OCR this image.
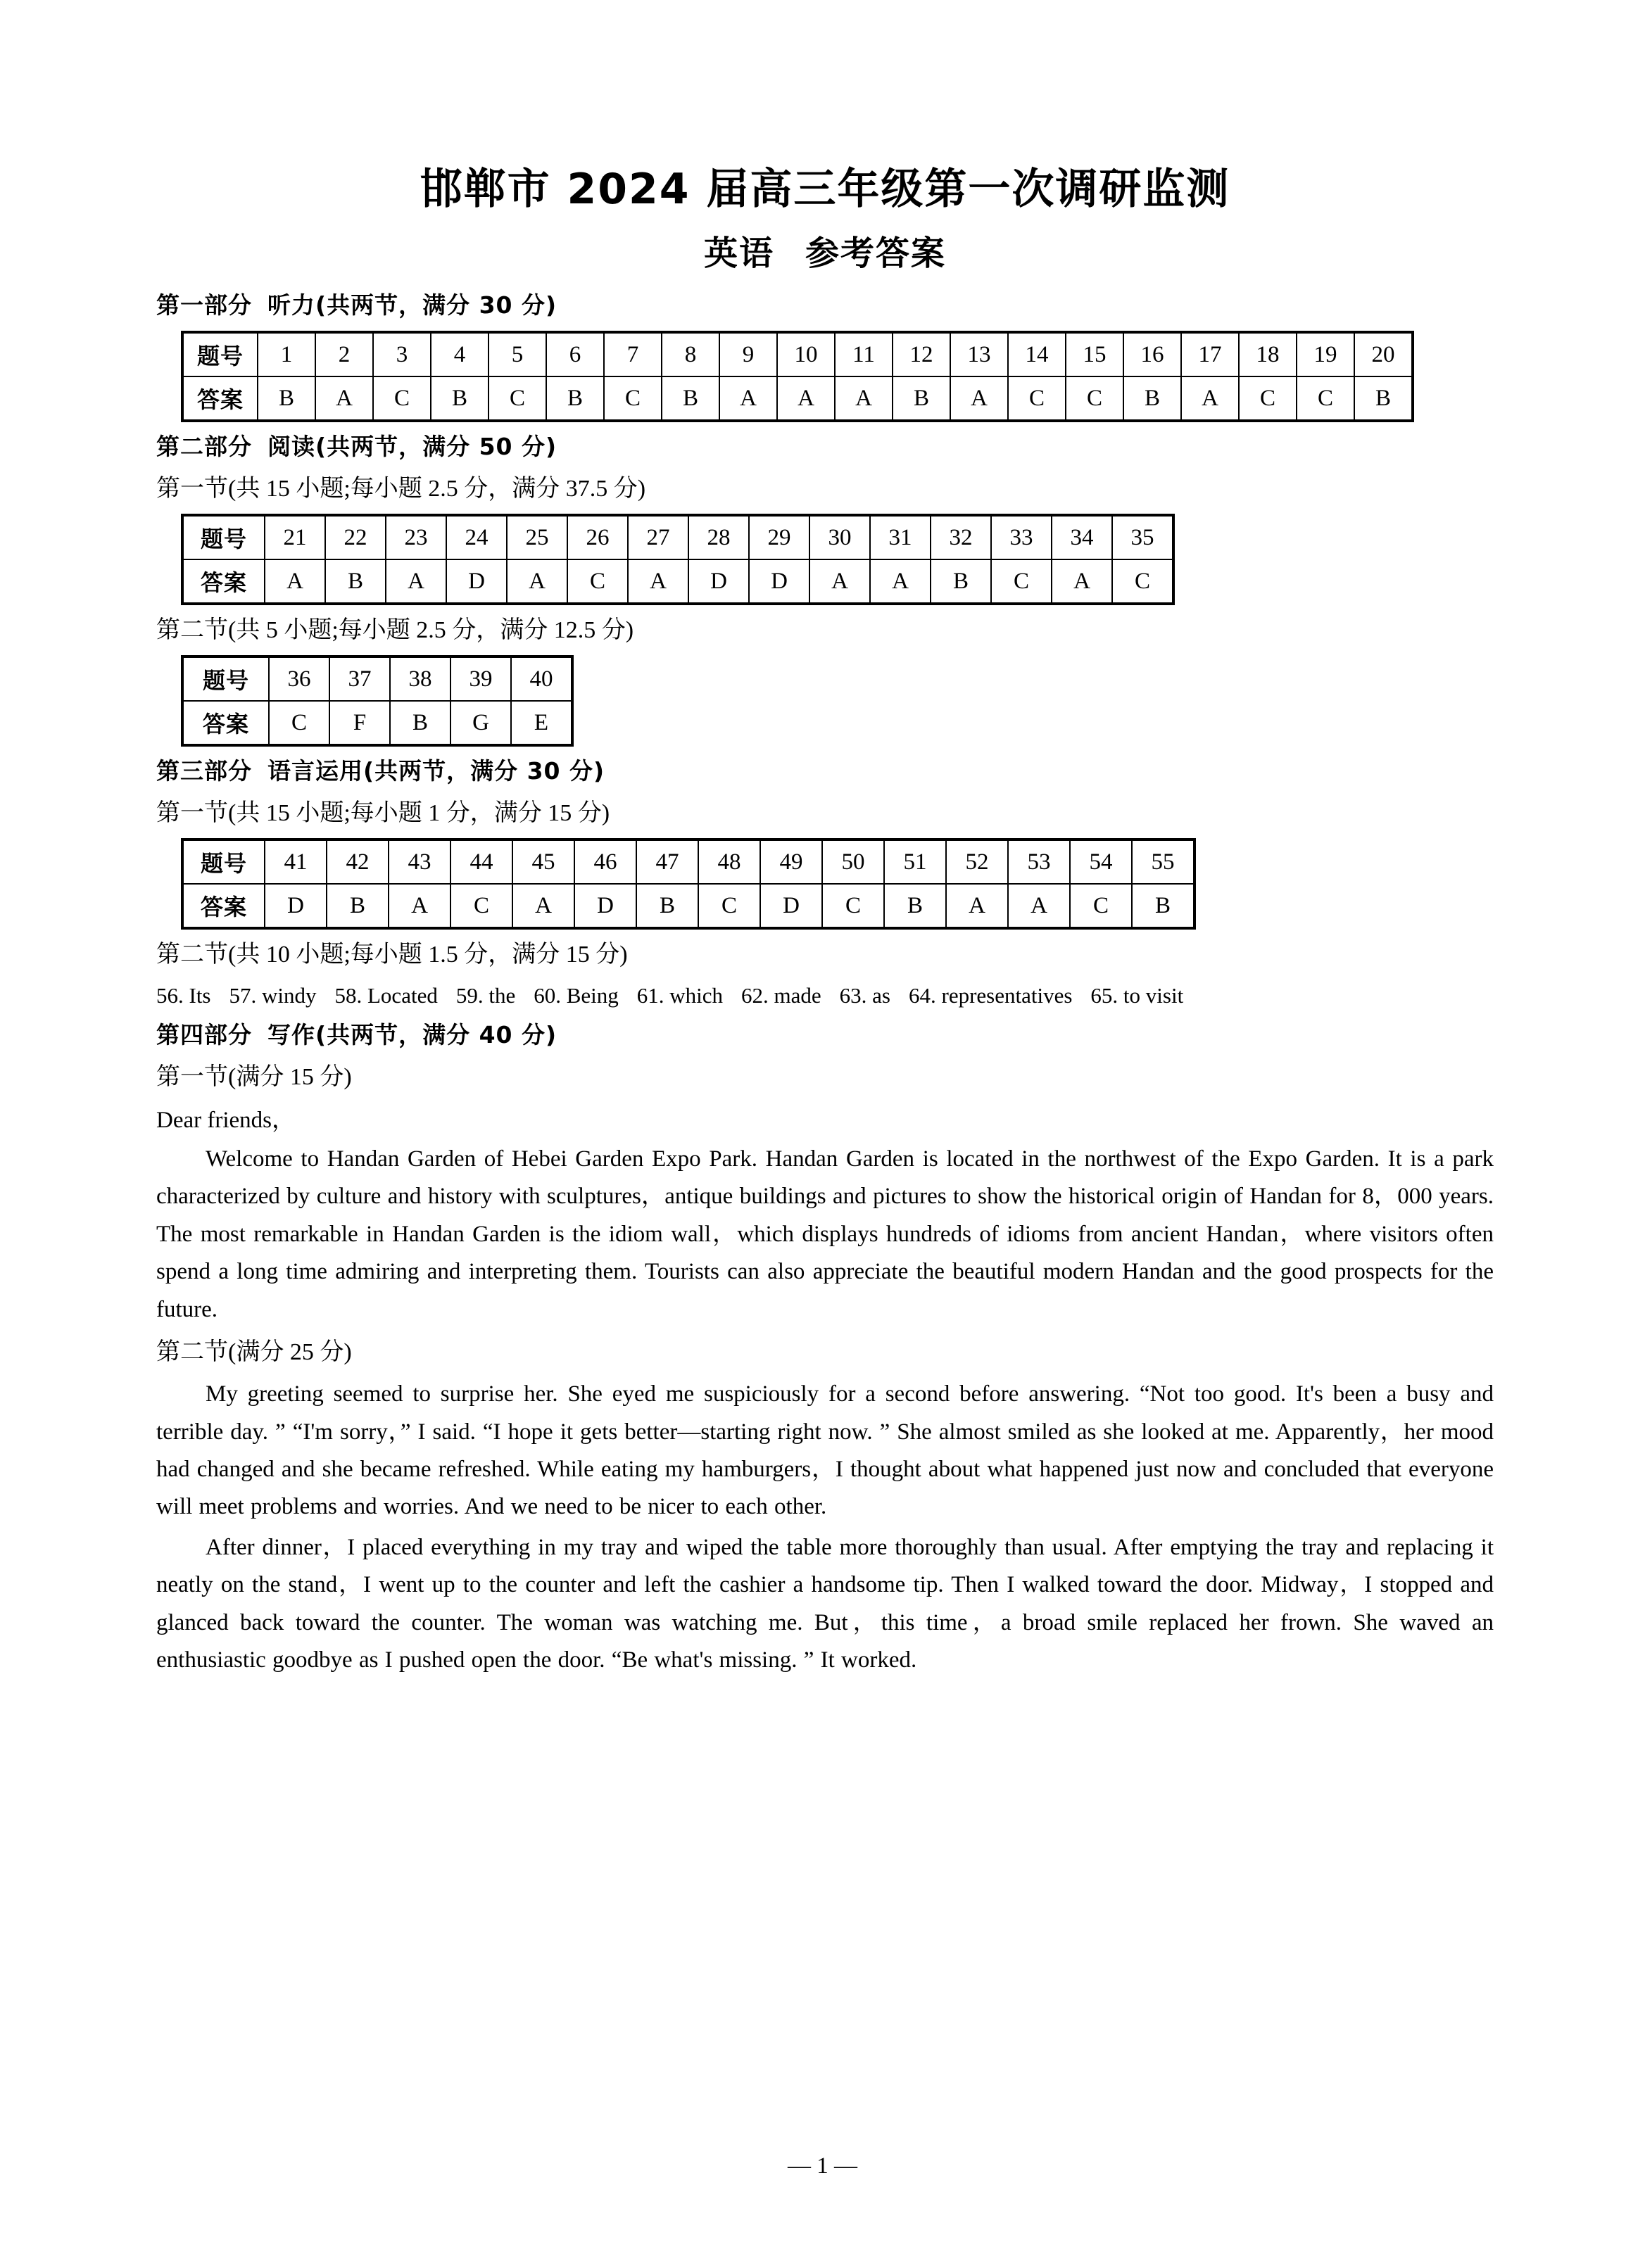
邯郸市 2024 届高三年级第一次调研监测
英语 参考答案
第一部分 听力(共两节，满分 30 分)
题号	1	2	3	4	5	6	7	8	9	10	11	12	13	14	15	16	17	18	19	20
答案	B	A	C	B	C	B	C	B	A	A	A	B	A	C	C	B	A	C	C	B
第二部分 阅读(共两节，满分 50 分)
第一节(共 15 小题;每小题 2.5 分，满分 37.5 分)
题号	21	22	23	24	25	26	27	28	29	30	31	32	33	34	35
答案	A	B	A	D	A	C	A	D	D	A	A	B	C	A	C
第二节(共 5 小题;每小题 2.5 分，满分 12.5 分)
题号	36	37	38	39	40
答案	C	F	B	G	E
第三部分 语言运用(共两节，满分 30 分)
第一节(共 15 小题;每小题 1 分，满分 15 分)
题号	41	42	43	44	45	46	47	48	49	50	51	52	53	54	55
答案	D	B	A	C	A	D	B	C	D	C	B	A	A	C	B
第二节(共 10 小题;每小题 1.5 分，满分 15 分)
56. Its 57. windy 58. Located 59. the 60. Being 61. which 62. made 63. as 64. representatives 65. to visit
第四部分 写作(共两节，满分 40 分)
第一节(满分 15 分)
Dear friends，

Welcome to Handan Garden of Hebei Garden Expo Park. Handan Garden is located in the northwest of the Expo Garden. It is a park characterized by culture and history with sculptures，antique buildings and pictures to show the historical origin of Handan for 8，000 years. The most remarkable in Handan Garden is the idiom wall，which displays hundreds of idioms from ancient Handan，where visitors often spend a long time admiring and interpreting them. Tourists can also appreciate the beautiful modern Handan and the good prospects for the future.

第二节(满分 25 分)

My greeting seemed to surprise her. She eyed me suspiciously for a second before answering. “Not too good. It's been a busy and terrible day. ” “I'm sorry，” I said. “I hope it gets better—starting right now. ” She almost smiled as she looked at me. Apparently，her mood had changed and she became refreshed. While eating my hamburgers，I thought about what happened just now and concluded that everyone will meet problems and worries. And we need to be nicer to each other.

After dinner，I placed everything in my tray and wiped the table more thoroughly than usual. After emptying the tray and replacing it neatly on the stand，I went up to the counter and left the cashier a handsome tip. Then I walked toward the door. Midway，I stopped and glanced back toward the counter. The woman was watching me. But，this time，a broad smile replaced her frown. She waved an enthusiastic goodbye as I pushed open the door. “Be what's missing. ” It worked.

— 1 —
